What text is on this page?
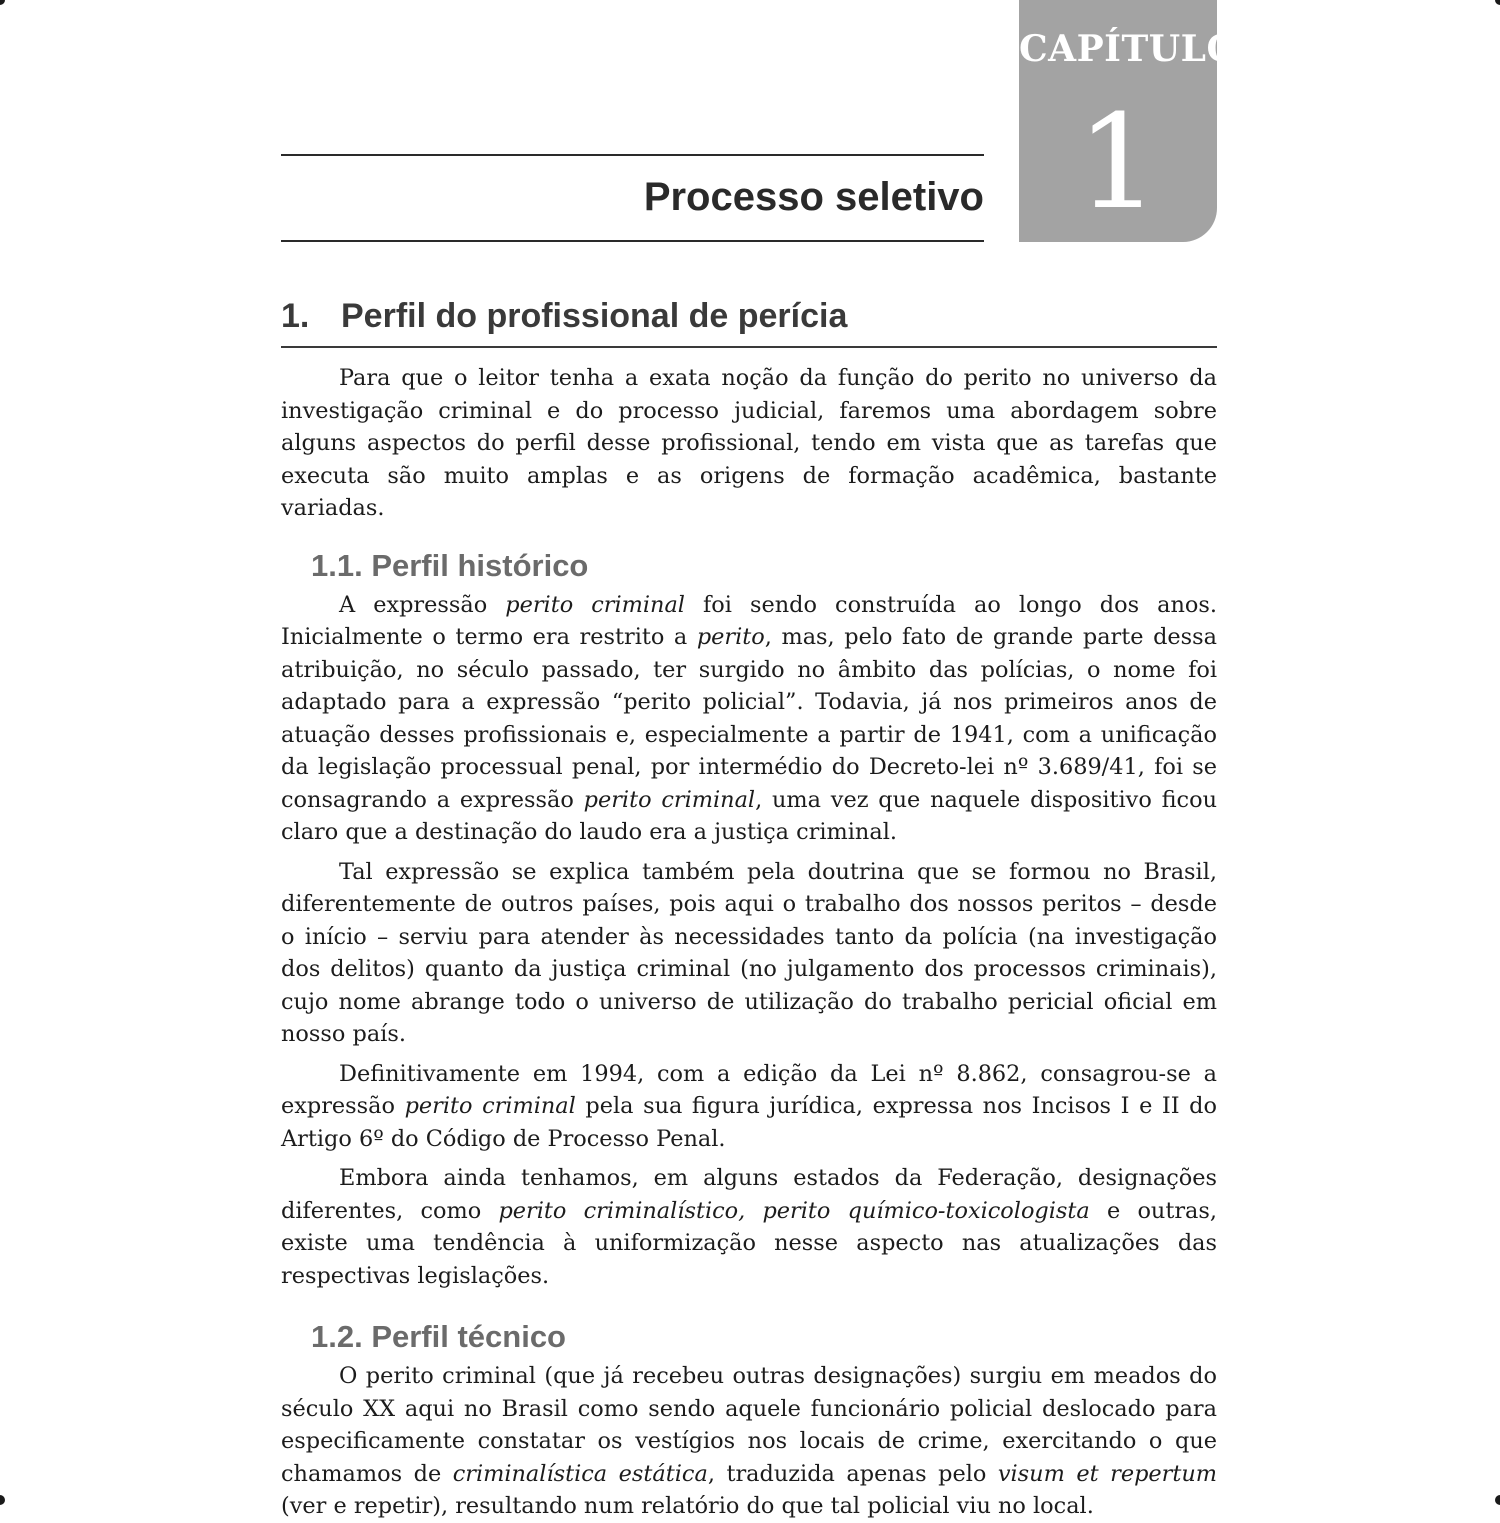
CAPÍTULO
1
Processo seletivo
1. Perfil do profissional de perícia

Para que o leitor tenha a exata noção da função do perito no universo da investigação criminal e do processo judicial, faremos uma abordagem sobre alguns aspectos do perfil desse profissional, tendo em vista que as tarefas que executa são muito amplas e as origens de formação acadêmica, bastante variadas.

1.1. Perfil histórico

A expressão perito criminal foi sendo construída ao longo dos anos. Inicialmente o termo era restrito a perito, mas, pelo fato de grande parte dessa atribuição, no século passado, ter surgido no âmbito das polícias, o nome foi adaptado para a expressão “perito policial”. Todavia, já nos primeiros anos de atuação desses profissionais e, especialmente a partir de 1941, com a unificação da legislação processual penal, por intermédio do Decreto-lei nº 3.689/41, foi se consagrando a expressão perito criminal, uma vez que naquele dispositivo ficou claro que a destinação do laudo era a justiça criminal.

Tal expressão se explica também pela doutrina que se formou no Brasil, diferentemente de outros países, pois aqui o trabalho dos nossos peritos – desde o início – serviu para atender às necessidades tanto da polícia (na investigação dos delitos) quanto da justiça criminal (no julgamento dos processos criminais), cujo nome abrange todo o universo de utilização do trabalho pericial oficial em nosso país.

Definitivamente em 1994, com a edição da Lei nº 8.862, consagrou-se a expressão perito criminal pela sua figura jurídica, expressa nos Incisos I e II do Artigo 6º do Código de Processo Penal.

Embora ainda tenhamos, em alguns estados da Federação, designações diferentes, como perito criminalístico, perito químico-toxicologista e outras, existe uma tendência à uniformização nesse aspecto nas atualizações das respectivas legislações.

1.2. Perfil técnico

O perito criminal (que já recebeu outras designações) surgiu em meados do século XX aqui no Brasil como sendo aquele funcionário policial deslocado para especificamente constatar os vestígios nos locais de crime, exercitando o que chamamos de criminalística estática, traduzida apenas pelo visum et repertum (ver e repetir), resultando num relatório do que tal policial viu no local.
